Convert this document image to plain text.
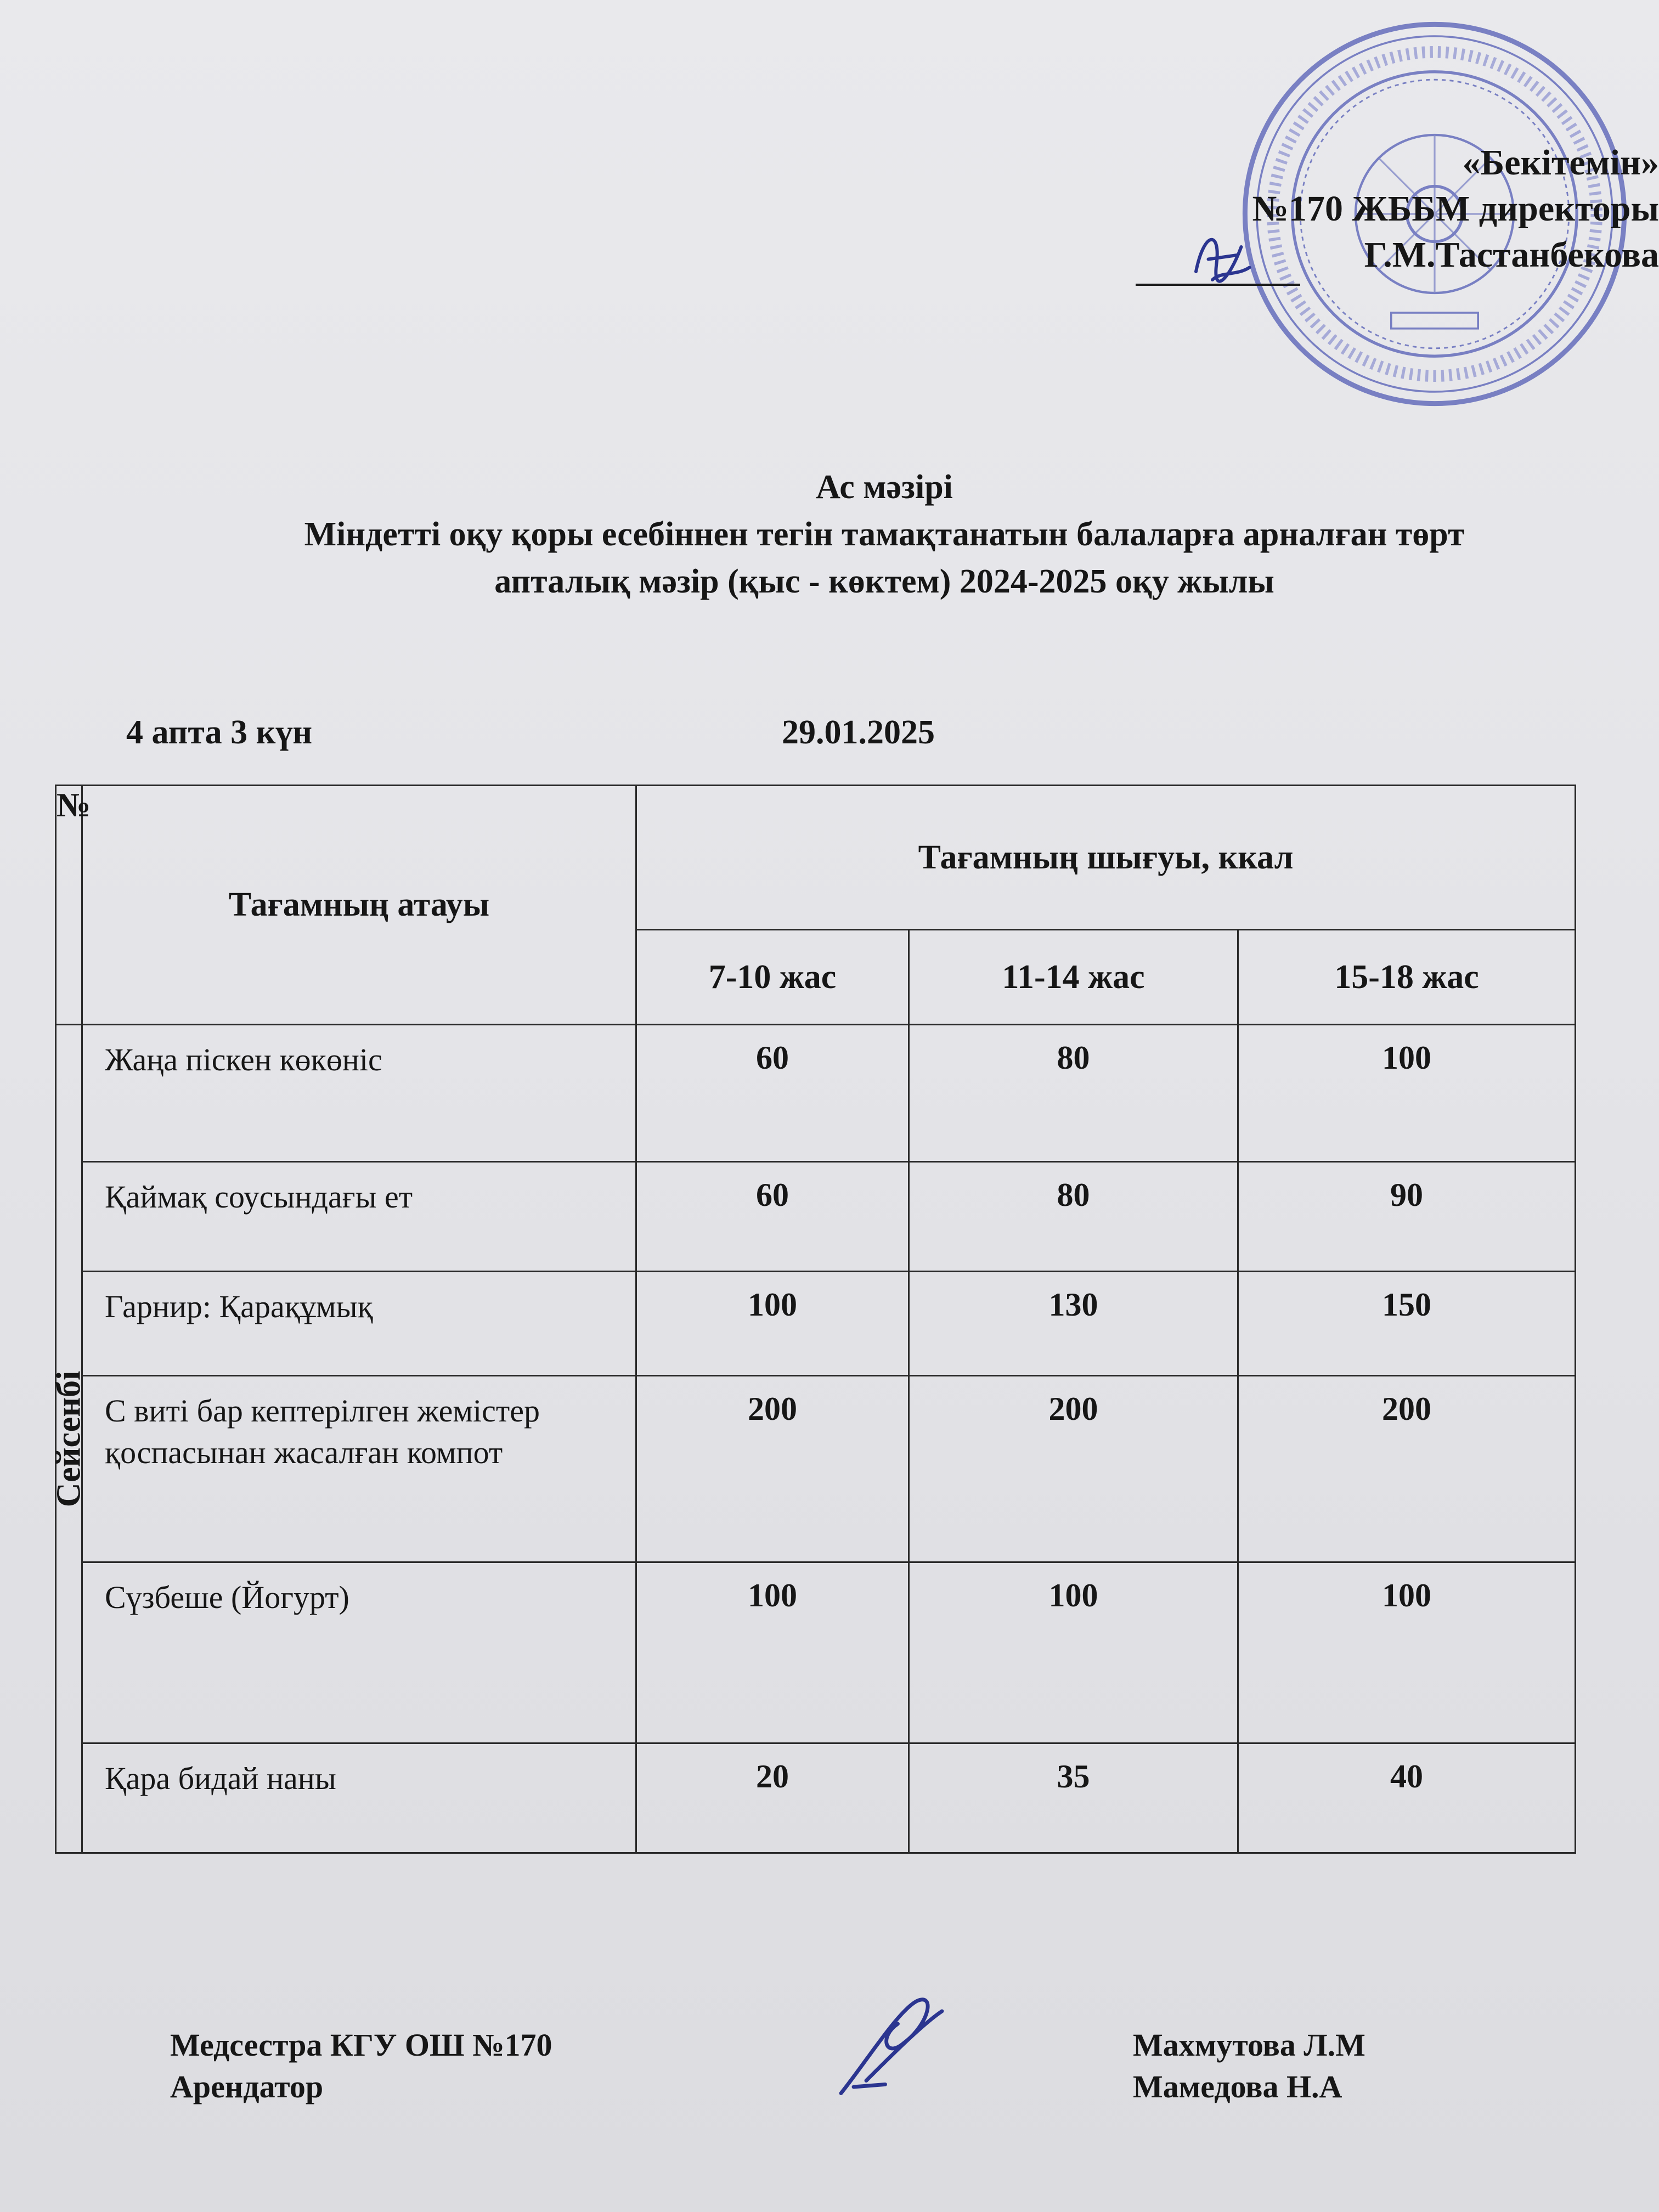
«Бекітемін»
№170 ЖББМ директоры
Г.М.Тастанбекова
Ас мәзірі
Міндетті оқу қоры есебіннен тегін тамақтанатын балаларға арналған төрт
апталық мәзір (қыс - көктем) 2024-2025 оқу жылы
4 апта 3 күн	29.01.2025
№	Тағамның атауы	Тағамның шығуы, ккал		
		7-10 жас	11-14 жас	15-18 жас

Сейсенбі	Жаңа піскен көкөніс	60	80	100
	Қаймақ соусындағы ет	60	80	90
	Гарнир: Қарақұмық	100	130	150
	С виті бар кептерілген жемістер қоспасынан жасалған компот	200	200	200
	Сүзбеше (Йогурт)	100	100	100
	Қара бидай наны	20	35	40
Медсестра КГУ ОШ №170
Арендатор
Махмутова Л.М
Мамедова Н.А
